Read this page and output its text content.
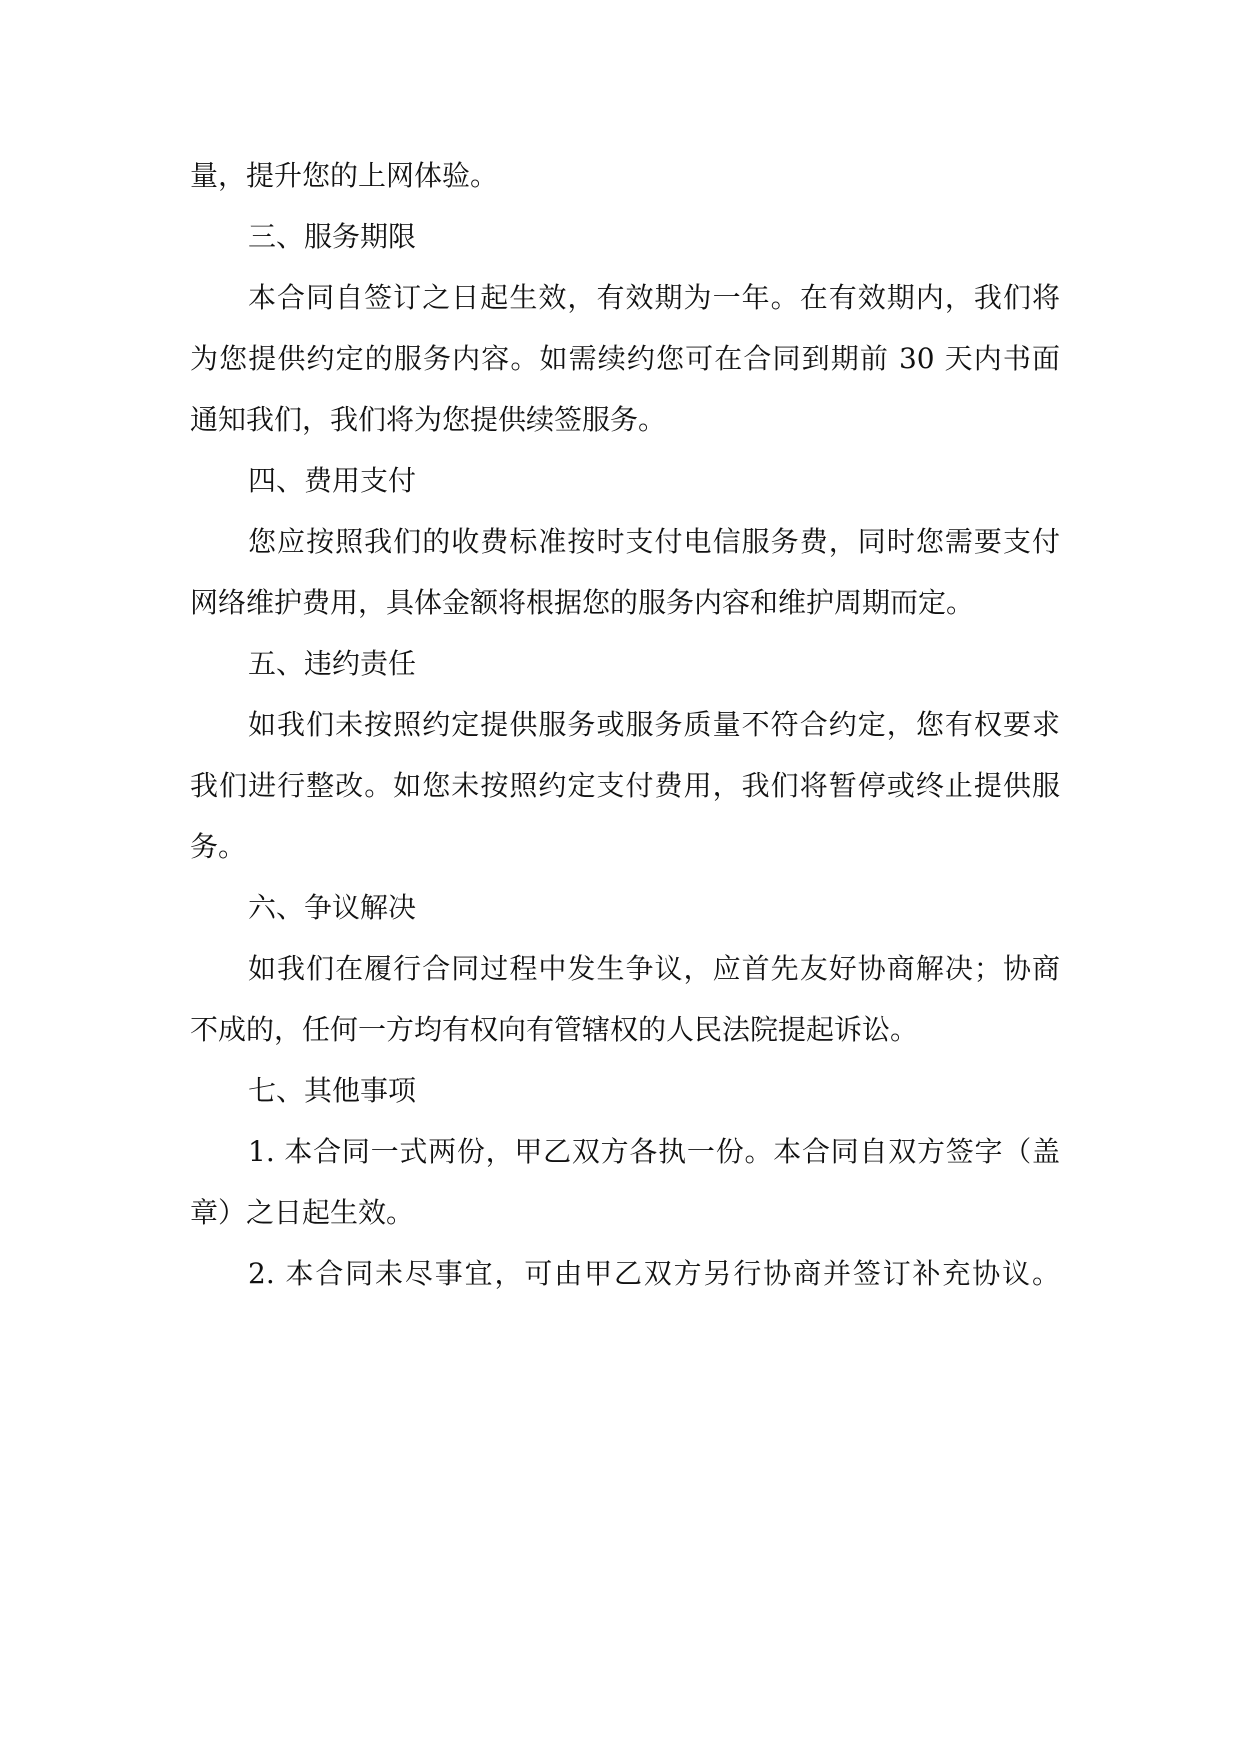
量，提升您的上网体验。
三、服务期限
本合同自签订之日起生效，有效期为一年。在有效期内，我们将
为您提供约定的服务内容。如需续约您可在合同到期前 30 天内书面
通知我们，我们将为您提供续签服务。
四、费用支付
您应按照我们的收费标准按时支付电信服务费，同时您需要支付
网络维护费用，具体金额将根据您的服务内容和维护周期而定。
五、违约责任
如我们未按照约定提供服务或服务质量不符合约定，您有权要求
我们进行整改。如您未按照约定支付费用，我们将暂停或终止提供服
务。
六、争议解决
如我们在履行合同过程中发生争议，应首先友好协商解决；协商
不成的，任何一方均有权向有管辖权的人民法院提起诉讼。
七、其他事项
1. 本合同一式两份，甲乙双方各执一份。本合同自双方签字（盖
章）之日起生效。
2. 本合同未尽事宜，可由甲乙双方另行协商并签订补充协议。
